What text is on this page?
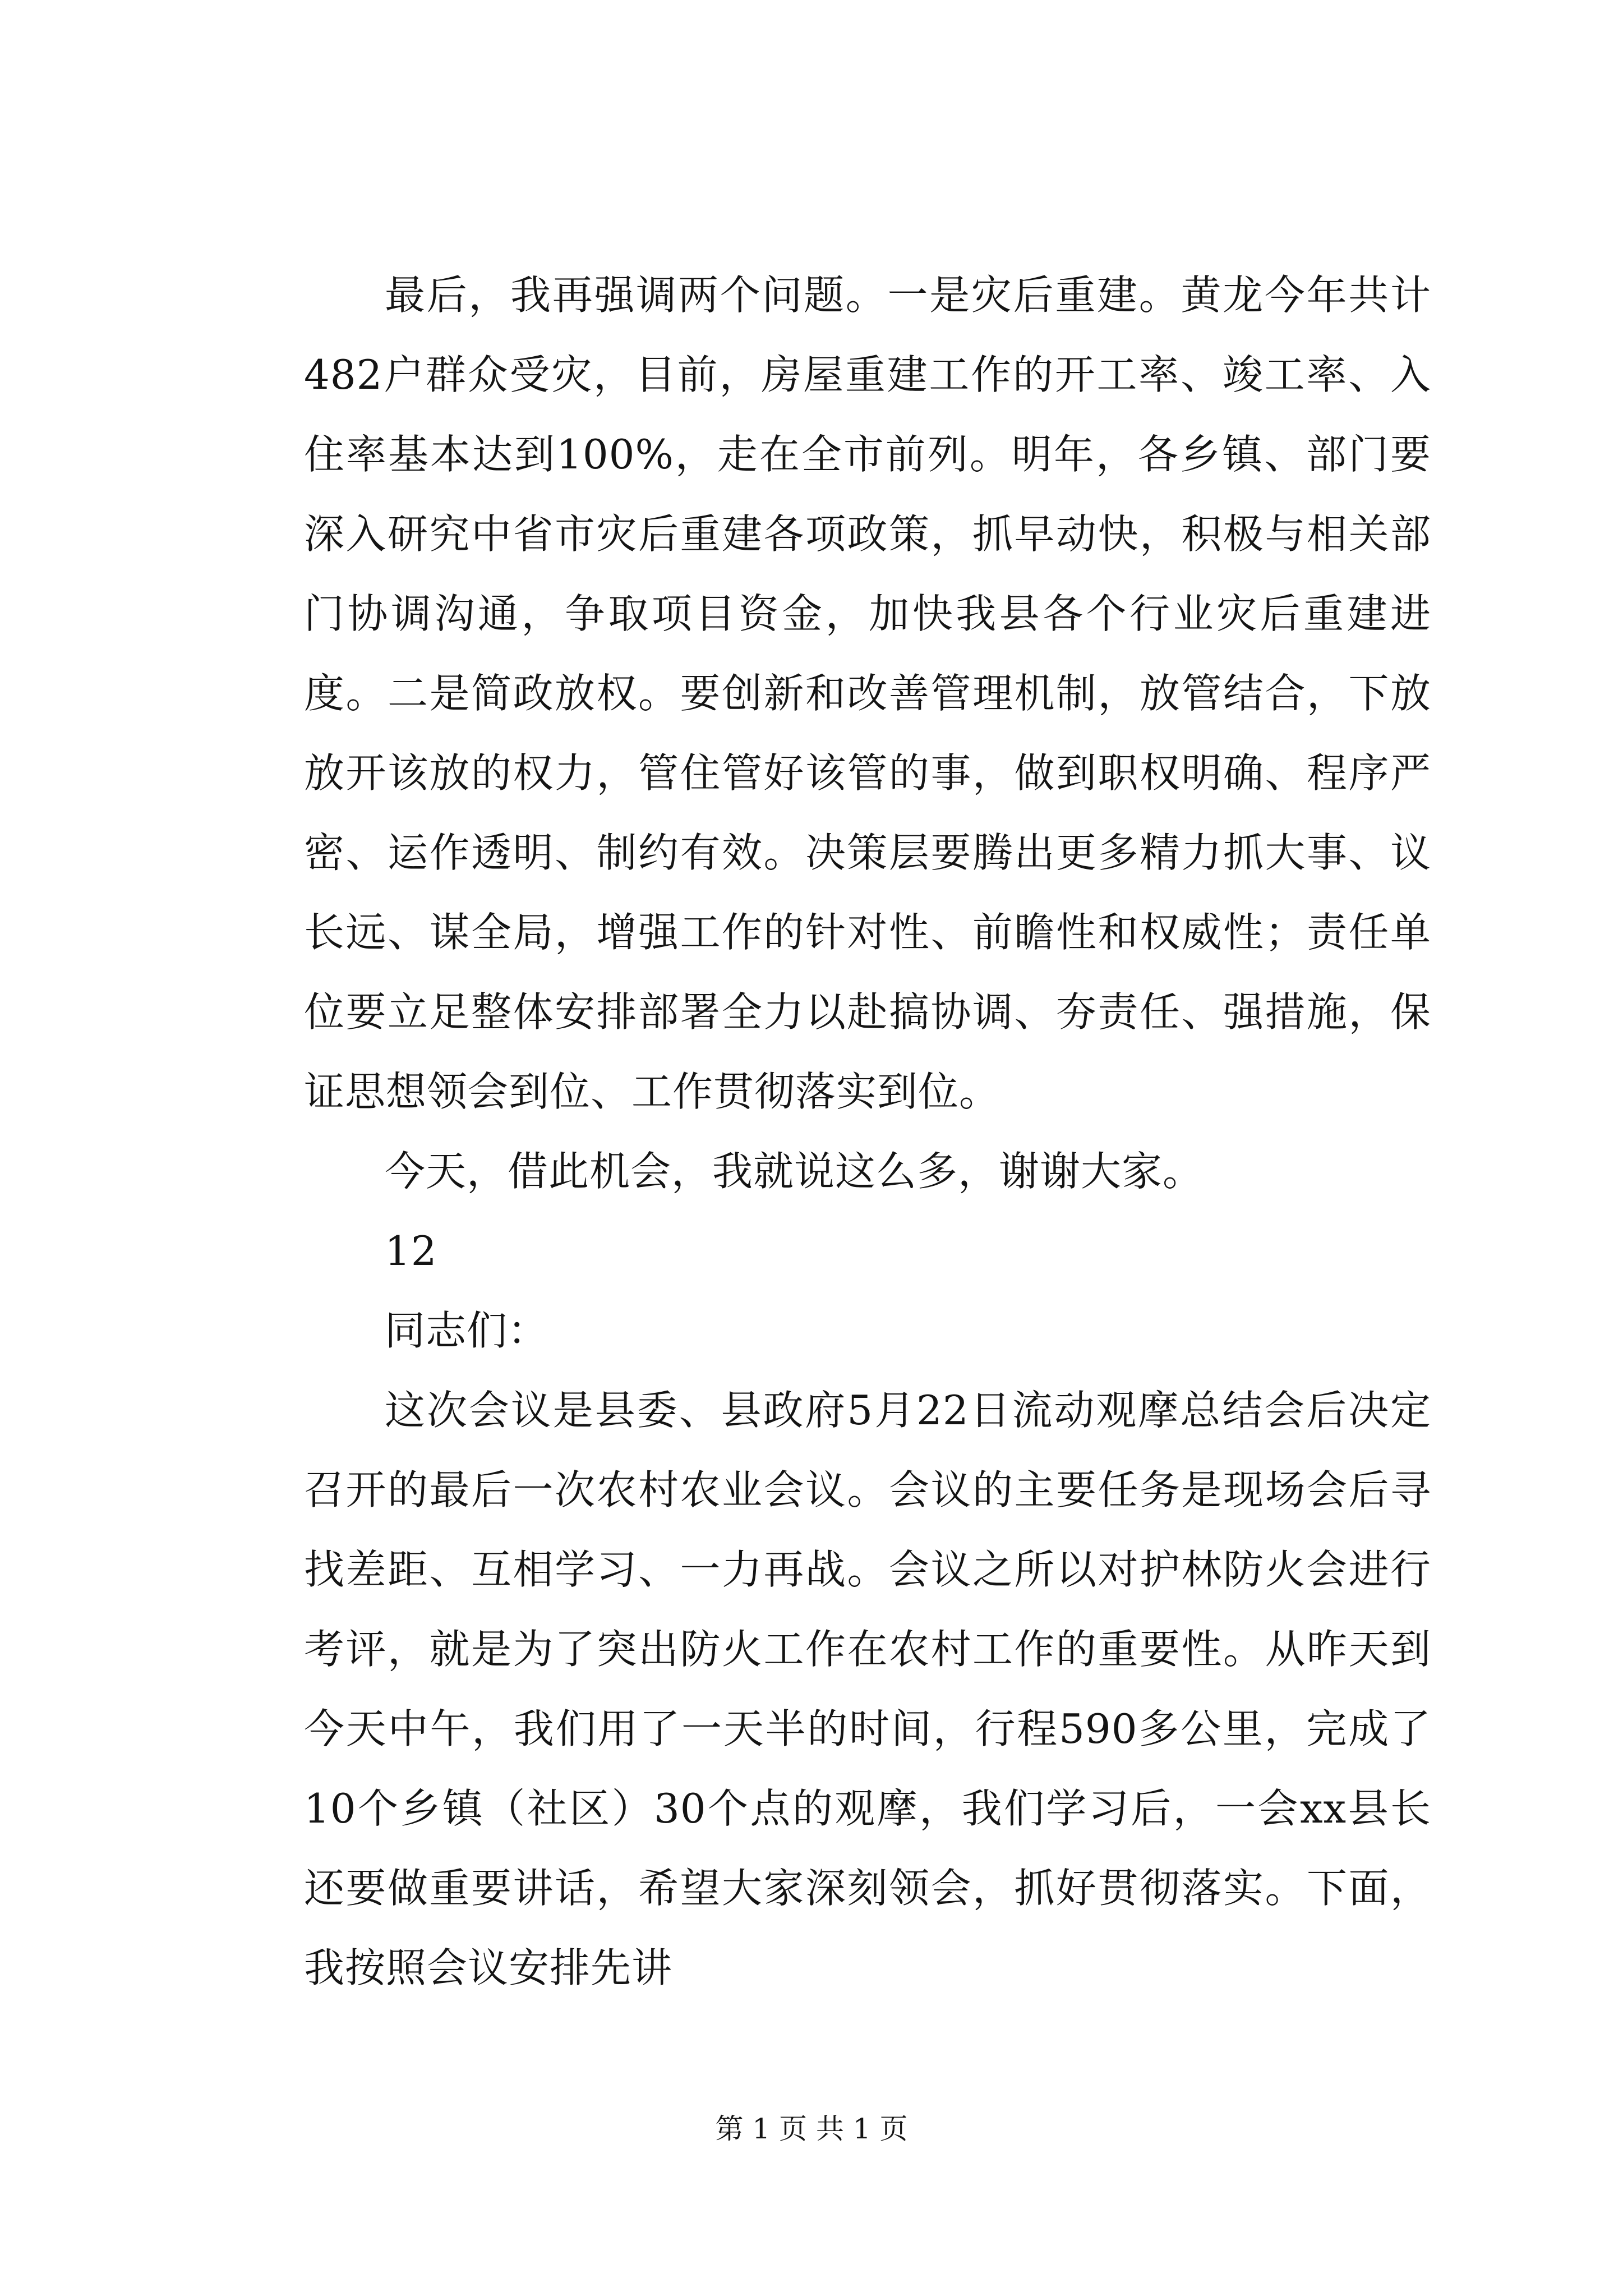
最后，我再强调两个问题。一是灾后重建。黄龙今年共计482户群众受灾，目前，房屋重建工作的开工率、竣工率、入住率基本达到100%，走在全市前列。明年，各乡镇、部门要深入研究中省市灾后重建各项政策，抓早动快，积极与相关部门协调沟通，争取项目资金，加快我县各个行业灾后重建进度。二是简政放权。要创新和改善管理机制，放管结合，下放放开该放的权力，管住管好该管的事，做到职权明确、程序严密、运作透明、制约有效。决策层要腾出更多精力抓大事、议长远、谋全局，增强工作的针对性、前瞻性和权威性；责任单位要立足整体安排部署全力以赴搞协调、夯责任、强措施，保证思想领会到位、工作贯彻落实到位。

今天，借此机会，我就说这么多，谢谢大家。

12

同志们：

这次会议是县委、县政府5月22日流动观摩总结会后决定召开的最后一次农村农业会议。会议的主要任务是现场会后寻找差距、互相学习、一力再战。会议之所以对护林防火会进行考评，就是为了突出防火工作在农村工作的重要性。从昨天到今天中午，我们用了一天半的时间，行程590多公里，完成了10个乡镇（社区）30个点的观摩，我们学习后，一会xx县长还要做重要讲话，希望大家深刻领会，抓好贯彻落实。下面，我按照会议安排先讲

第 1 页 共 1 页
